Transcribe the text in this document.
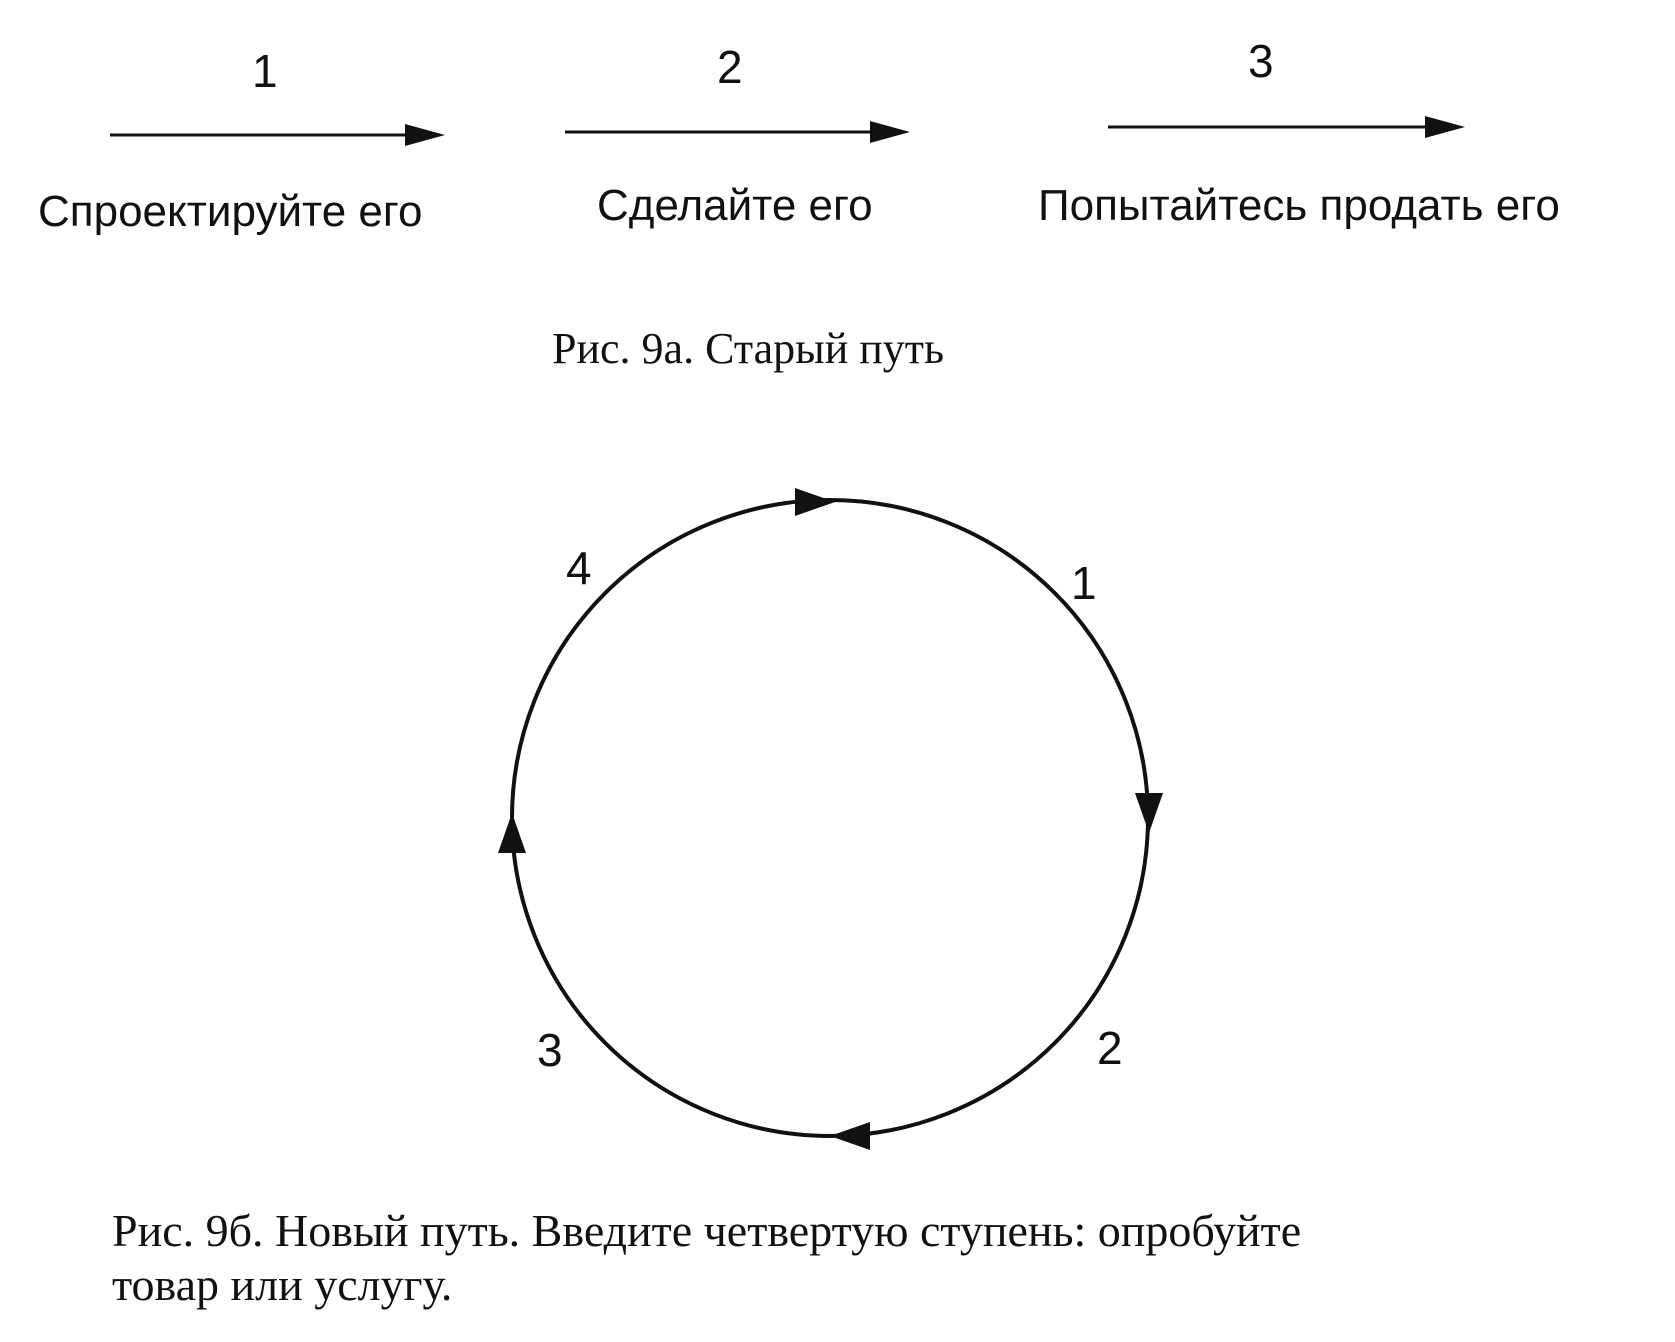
1	2	3
Спроектируйте его	Сделайте его	Попытайтесь продать его
Рис. 9а. Старый путь
1
2
3
4
Рис. 9б. Новый путь. Введите четвертую ступень: опробуйте
товар или услугу.
